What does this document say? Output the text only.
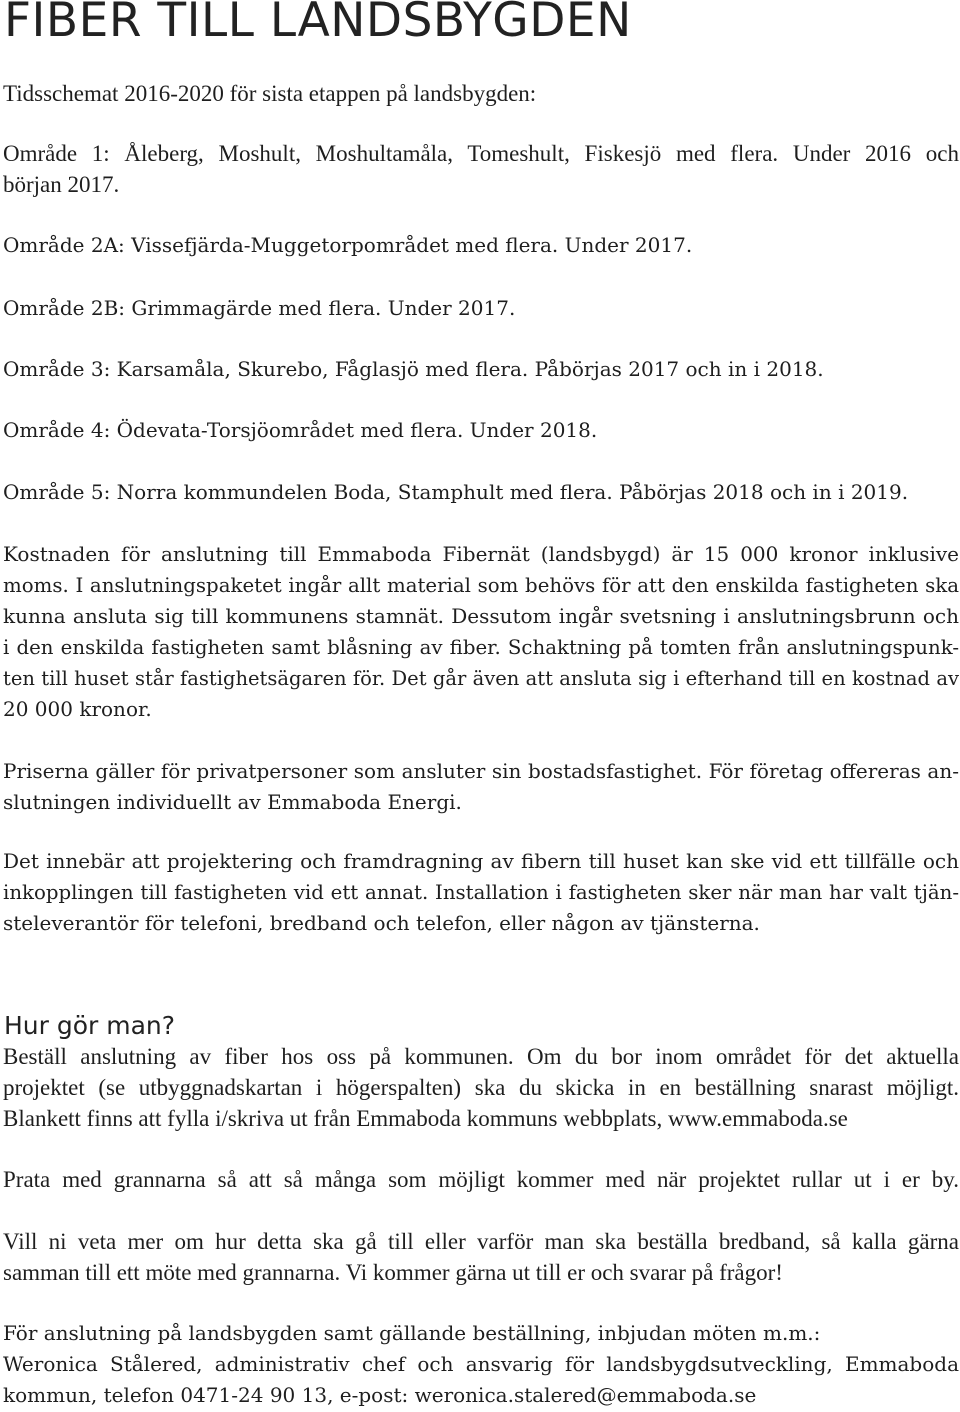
FIBER TILL LANDSBYGDEN

Tidsschemat 2016-2020 för sista etappen på landsbygden:

Område 1: Åleberg, Moshult, Moshultamåla, Tomeshult, Fiskesjö med flera. Under 2016 och
början 2017.

Område 2A: Vissefjärda-Muggetorpområdet med flera. Under 2017.

Område 2B: Grimmagärde med flera. Under 2017.

Område 3: Karsamåla, Skurebo, Fåglasjö med flera. Påbörjas 2017 och in i 2018.

Område 4: Ödevata-Torsjöområdet med flera. Under 2018.

Område 5: Norra kommundelen Boda, Stamphult med flera. Påbörjas 2018 och in i 2019.

Kostnaden för anslutning till Emmaboda Fibernät (landsbygd) är 15 000 kronor inklusive
moms. I anslutningspaketet ingår allt material som behövs för att den enskilda fastigheten ska
kunna ansluta sig till kommunens stamnät. Dessutom ingår svetsning i anslutningsbrunn och
i den enskilda fastigheten samt blåsning av fiber. Schaktning på tomten från anslutningspunk-
ten till huset står fastighetsägaren för. Det går även att ansluta sig i efterhand till en kostnad av
20 000 kronor.

Priserna gäller för privatpersoner som ansluter sin bostadsfastighet. För företag offereras an-
slutningen individuellt av Emmaboda Energi.

Det innebär att projektering och framdragning av fibern till huset kan ske vid ett tillfälle och
inkopplingen till fastigheten vid ett annat. Installation i fastigheten sker när man har valt tjän-
steleverantör för telefoni, bredband och telefon, eller någon av tjänsterna.

Hur gör man?

Beställ anslutning av fiber hos oss på kommunen. Om du bor inom området för det aktuella
projektet (se utbyggnadskartan i högerspalten) ska du skicka in en beställning snarast möjligt.
Blankett finns att fylla i/skriva ut från Emmaboda kommuns webbplats, www.emmaboda.se

Prata med grannarna så att så många som möjligt kommer med när projektet rullar ut i er by.

Vill ni veta mer om hur detta ska gå till eller varför man ska beställa bredband, så kalla gärna
samman till ett möte med grannarna. Vi kommer gärna ut till er och svarar på frågor!

För anslutning på landsbygden samt gällande beställning, inbjudan möten m.m.:
Weronica Stålered, administrativ chef och ansvarig för landsbygdsutveckling, Emmaboda
kommun, telefon 0471-24 90 13, e-post: weronica.stalered@emmaboda.se
